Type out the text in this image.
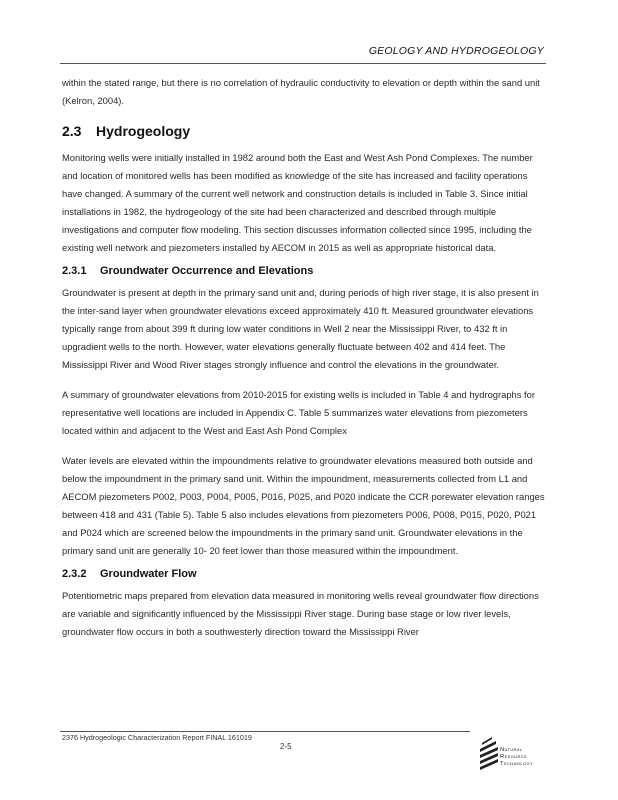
GEOLOGY AND HYDROGEOLOGY

within the stated range, but there is no correlation of hydraulic conductivity to elevation or depth within the sand unit (Kelron, 2004).

2.3 Hydrogeology

Monitoring wells were initially installed in 1982 around both the East and West Ash Pond Complexes. The number and location of monitored wells has been modified as knowledge of the site has increased and facility operations have changed. A summary of the current well network and construction details is included in Table 3. Since initial installations in 1982, the hydrogeology of the site had been characterized and described through multiple investigations and computer flow modeling. This section discusses information collected since 1995, including the existing well network and piezometers installed by AECOM in 2015 as well as appropriate historical data.

2.3.1 Groundwater Occurrence and Elevations

Groundwater is present at depth in the primary sand unit and, during periods of high river stage, it is also present in the inter-sand layer when groundwater elevations exceed approximately 410 ft. Measured groundwater elevations typically range from about 399 ft during low water conditions in Well 2 near the Mississippi River, to 432 ft in upgradient wells to the north. However, water elevations generally fluctuate between 402 and 414 feet. The Mississippi River and Wood River stages strongly influence and control the elevations in the groundwater.

A summary of groundwater elevations from 2010-2015 for existing wells is included in Table 4 and hydrographs for representative well locations are included in Appendix C. Table 5 summarizes water elevations from piezometers located within and adjacent to the West and East Ash Pond Complex

Water levels are elevated within the impoundments relative to groundwater elevations measured both outside and below the impoundment in the primary sand unit. Within the impoundment, measurements collected from L1 and AECOM piezometers P002, P003, P004, P005, P016, P025, and P020 indicate the CCR porewater elevation ranges between 418 and 431 (Table 5). Table 5 also includes elevations from piezometers P006, P008, P015, P020, P021 and P024 which are screened below the impoundments in the primary sand unit. Groundwater elevations in the primary sand unit are generally 10- 20 feet lower than those measured within the impoundment.

2.3.2 Groundwater Flow

Potentiometric maps prepared from elevation data measured in monitoring wells reveal groundwater flow directions are variable and significantly influenced by the Mississippi River stage. During base stage or low river levels, groundwater flow occurs in both a southwesterly direction toward the Mississippi River

2376 Hydrogeologic Characterization Report FINAL 161019
2-5	Natural
Resource
Technology
